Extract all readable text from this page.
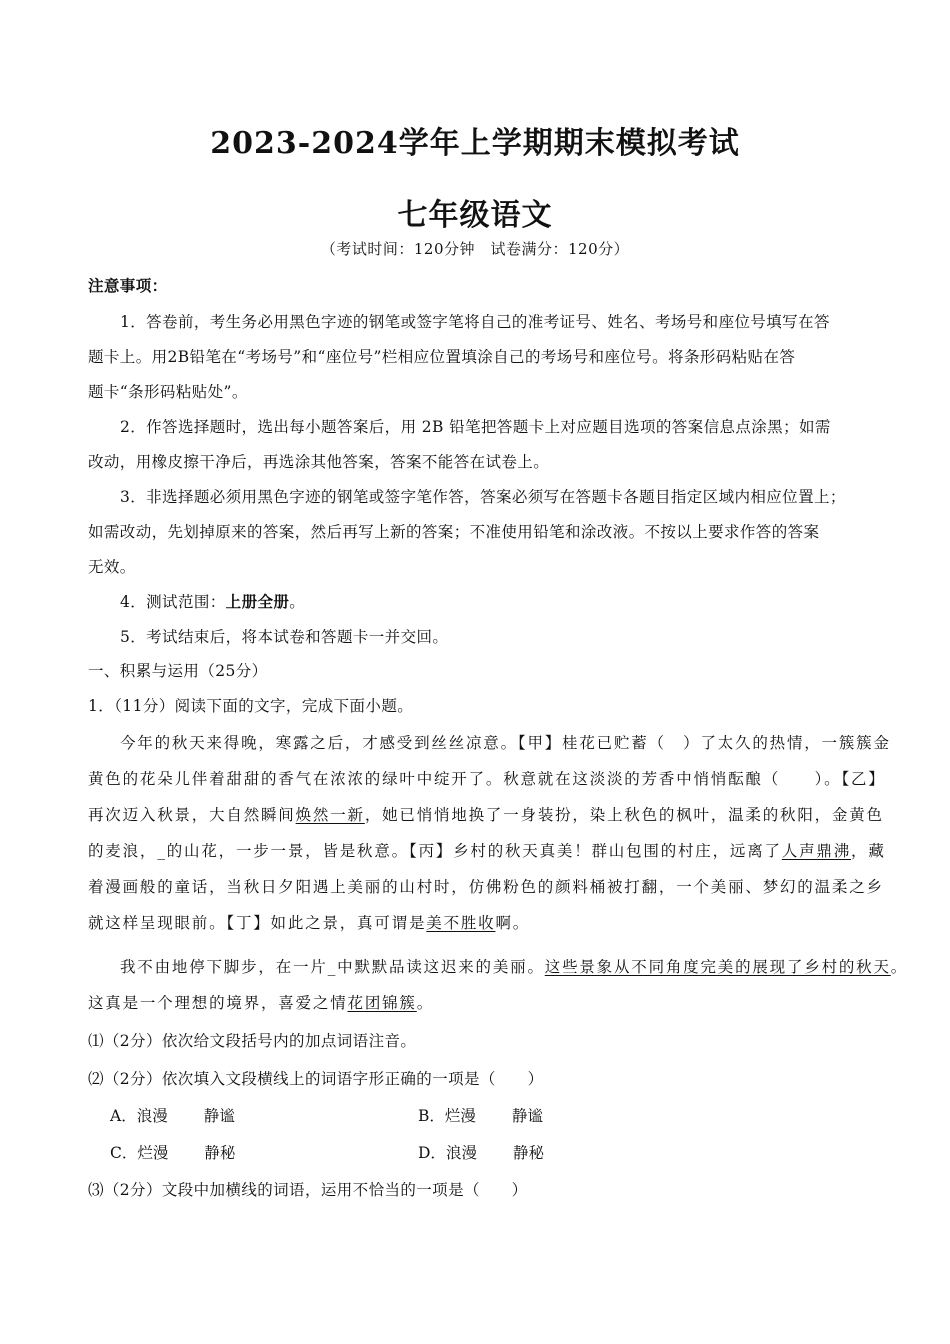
2023-2024学年上学期期末模拟考试
七年级语文
（考试时间：120分钟　试卷满分：120分）
注意事项：
1．答卷前，考生务必用黑色字迹的钢笔或签字笔将自己的准考证号、姓名、考场号和座位号填写在答
题卡上。用2B铅笔在“考场号”和“座位号”栏相应位置填涂自己的考场号和座位号。将条形码粘贴在答
题卡“条形码粘贴处”。
2．作答选择题时，选出每小题答案后，用 2B 铅笔把答题卡上对应题目选项的答案信息点涂黑；如需
改动，用橡皮擦干净后，再选涂其他答案，答案不能答在试卷上。
3．非选择题必须用黑色字迹的钢笔或签字笔作答，答案必须写在答题卡各题目指定区域内相应位置上；
如需改动，先划掉原来的答案，然后再写上新的答案；不准使用铅笔和涂改液。不按以上要求作答的答案
无效。
4．测试范围：上册全册。
5．考试结束后，将本试卷和答题卡一并交回。
一、积累与运用（25分）
1．（11分）阅读下面的文字，完成下面小题。
今年的秋天来得晚，寒露之后，才感受到丝丝凉意。【甲】桂花已贮蓄（　）了太久的热情，一簇簇金
黄色的花朵儿伴着甜甜的香气在浓浓的绿叶中绽开了。秋意就在这淡淡的芳香中悄悄酝酿（　　）。【乙】
再次迈入秋景，大自然瞬间焕然一新，她已悄悄地换了一身装扮，染上秋色的枫叶，温柔的秋阳，金黄色
的麦浪，_的山花，一步一景，皆是秋意。【丙】乡村的秋天真美！群山包围的村庄，远离了人声鼎沸，藏
着漫画般的童话，当秋日夕阳遇上美丽的山村时，仿佛粉色的颜料桶被打翻，一个美丽、梦幻的温柔之乡
就这样呈现眼前。【丁】如此之景，真可谓是美不胜收啊。
我不由地停下脚步，在一片_中默默品读这迟来的美丽。这些景象从不同角度完美的展现了乡村的秋天。
这真是一个理想的境界，喜爱之情花团锦簇。
⑴（2分）依次给文段括号内的加点词语注音。
⑵（2分）依次填入文段横线上的词语字形正确的一项是（　　）
A．浪漫 静谧	B．烂漫 静谧
C．烂漫 静秘	D．浪漫 静秘
⑶（2分）文段中加横线的词语，运用不恰当的一项是（　　）
